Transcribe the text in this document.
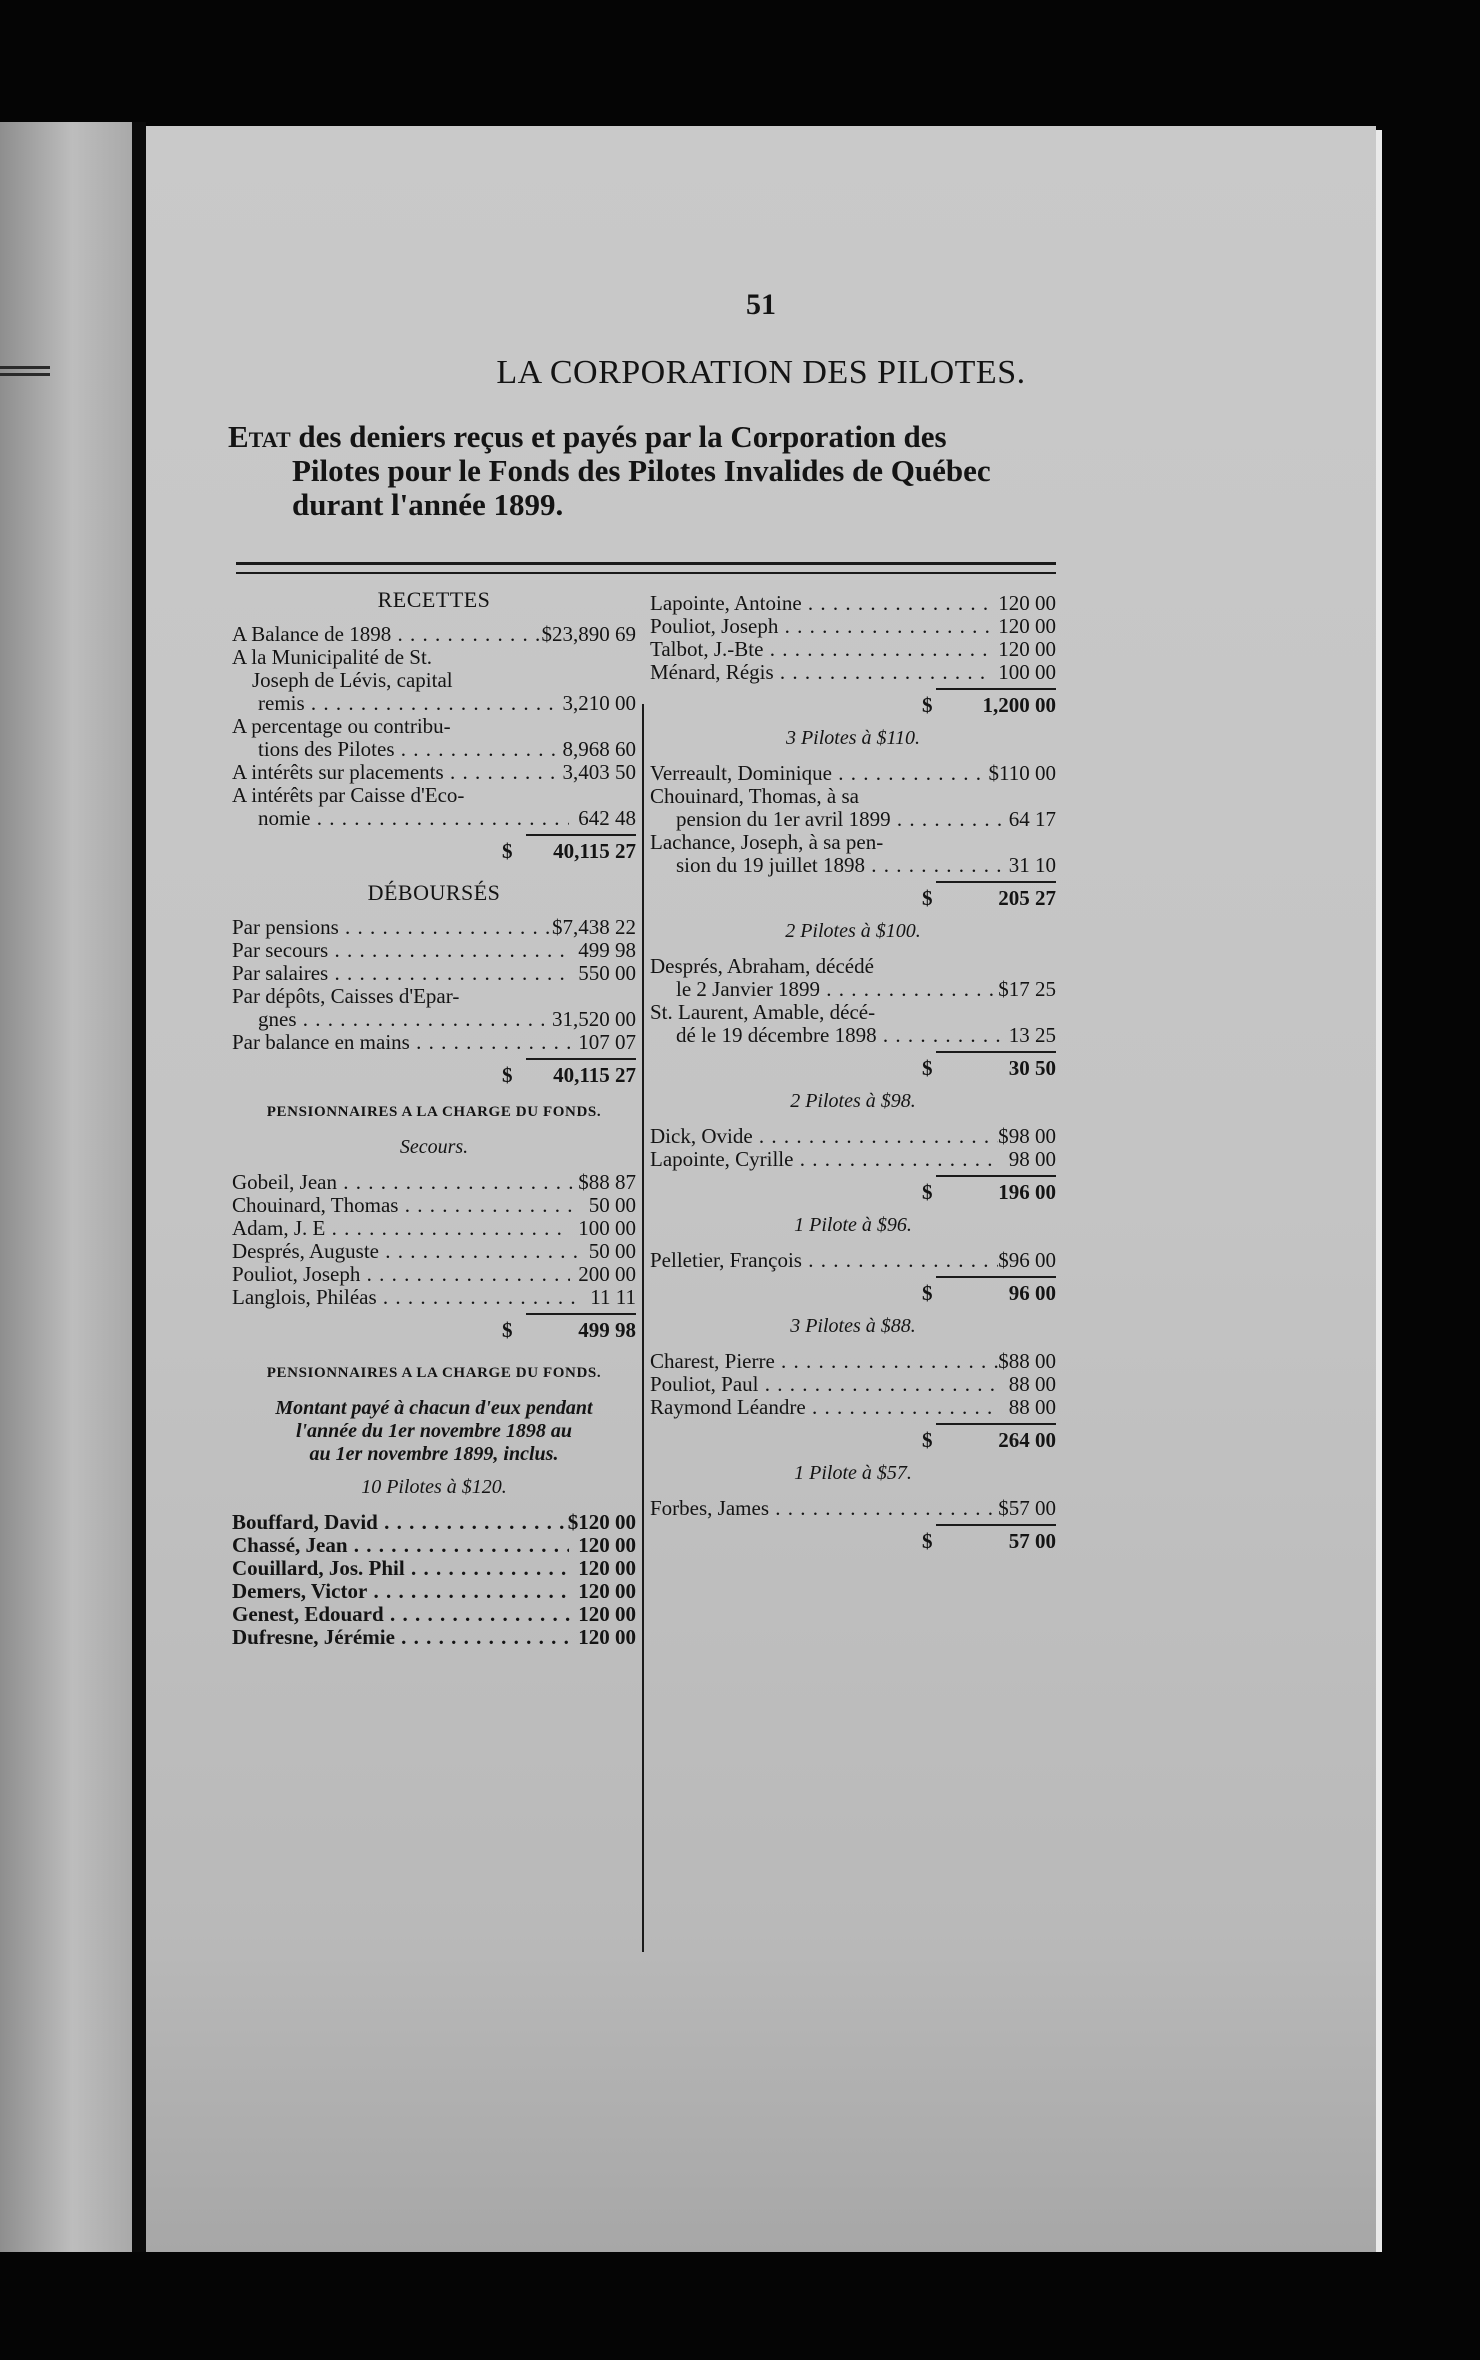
51
LA CORPORATION DES PILOTES.
Etat des deniers reçus et payés par la Corporation des
Pilotes pour le Fonds des Pilotes Invalides de Québec
durant l'année 1899.
RECETTES
A Balance de 1898 . . .	$ 23,890 69
A la Municipalité de St.
Joseph de Lévis, capital
remis . . .	3,210 00
A percentage ou contribu-
tions des Pilotes . . .	8,968 60
A intérêts sur placements . . .	3,403 50
A intérêts par Caisse d'Eco-
nomie . . .	642 48
$	40,115 27
DÉBOURSÉS
Par pensions . . .	$ 7,438 22
Par secours . . .	499 98
Par salaires . . .	550 00
Par dépôts, Caisses d'Epar-
gnes . . .	31,520 00
Par balance en mains . . .	107 07
$	40,115 27
PENSIONNAIRES A LA CHARGE DU FONDS.
Secours.
Gobeil, Jean . . .	$ 88 87
Chouinard, Thomas . . .	50 00
Adam, J. E . . .	100 00
Després, Auguste . . .	50 00
Pouliot, Joseph . . .	200 00
Langlois, Philéas . . .	11 11
$	499 98
PENSIONNAIRES A LA CHARGE DU FONDS.
Montant payé à chacun d'eux pendant
l'année du 1er novembre 1898 au
au 1er novembre 1899, inclus.
10 Pilotes à $120.
Bouffard, David . . .	$ 120 00
Chassé, Jean . . .	120 00
Couillard, Jos. Phil . . .	120 00
Demers, Victor . . .	120 00
Genest, Edouard . . .	120 00
Dufresne, Jérémie . . .	120 00
Lapointe, Antoine . . .	120 00
Pouliot, Joseph . . .	120 00
Talbot, J.-Bte . . .	120 00
Ménard, Régis . . .	100 00
$	1,200 00
3 Pilotes à $110.
Verreault, Dominique . . .	$ 110 00
Chouinard, Thomas, à sa
pension du 1er avril 1899 . . .	64 17
Lachance, Joseph, à sa pen-
sion du 19 juillet 1898 . . .	31 10
$	205 27
2 Pilotes à $100.
Després, Abraham, décédé
le 2 Janvier 1899 . . .	$ 17 25
St. Laurent, Amable, décé-
dé le 19 décembre 1898 . . .	13 25
$	30 50
2 Pilotes à $98.
Dick, Ovide . . .	$ 98 00
Lapointe, Cyrille . . .	98 00
$	196 00
1 Pilote à $96.
Pelletier, François . . .	$ 96 00
$	96 00
3 Pilotes à $88.
Charest, Pierre . . .	$ 88 00
Pouliot, Paul . . .	88 00
Raymond Léandre . . .	88 00
$	264 00
1 Pilote à $57.
Forbes, James . . .	$ 57 00
$	57 00
